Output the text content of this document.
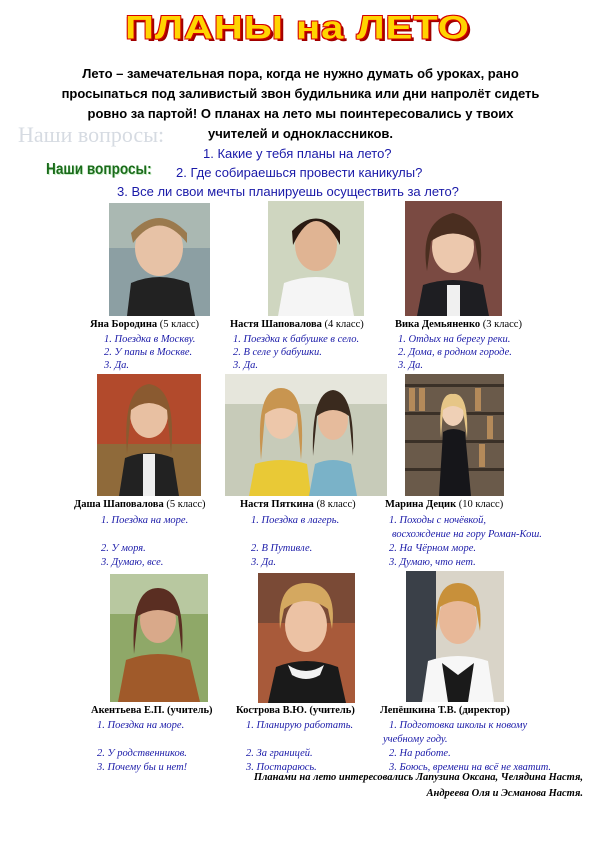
ПЛАНЫ на ЛЕТО
Лето – замечательная пора, когда не нужно думать об уроках, рано
просыпаться под заливистый звон будильника или дни напролёт сидеть
ровно за партой! О планах на лето мы поинтересовались у твоих
учителей и одноклассников.
Наши вопросы:
Наши вопросы:
1. Какие у тебя планы на лето?
2. Где собираешься провести каникулы?
3. Все ли свои мечты планируешь осуществить за лето?
Яна Бородина (5 класс)	Настя Шаповалова (4 класс)	Вика Демьяненко (3 класс)
1. Поездка в Москву.
2. У папы в Москве.
3. Да.
1. Поездка к бабушке в село.
2. В селе у бабушки.
3. Да.
1. Отдых на берегу реки.
2. Дома, в родном городе.
3. Да.
Даша Шаповалова (5 класс)	Настя Пяткина (8 класс)	Марина Децик (10 класс)
1. Поездка на море.
2. У моря.
3. Думаю, все.
1. Поездка в лагерь.
2. В Путивле.
3. Да.
1. Походы с ночёвкой,
восхождение на гору Роман-Кош.
2. На Чёрном море.
3. Думаю, что нет.
Акентьева Е.П. (учитель) Кострова В.Ю. (учитель) Лепёшкина Т.В. (директор)
1. Поездка на море.
2. У родственников.
3. Почему бы и нет!
1. Планирую работать.
2. За границей.
3. Постараюсь.
1. Подготовка школы к новому
учебному году.
2. На работе.
3. Боюсь, времени на всё не хватит.
Планами на лето интересовались Лапузина Оксана, Челядина Настя,
Андреева Оля и Эсманова Настя.
